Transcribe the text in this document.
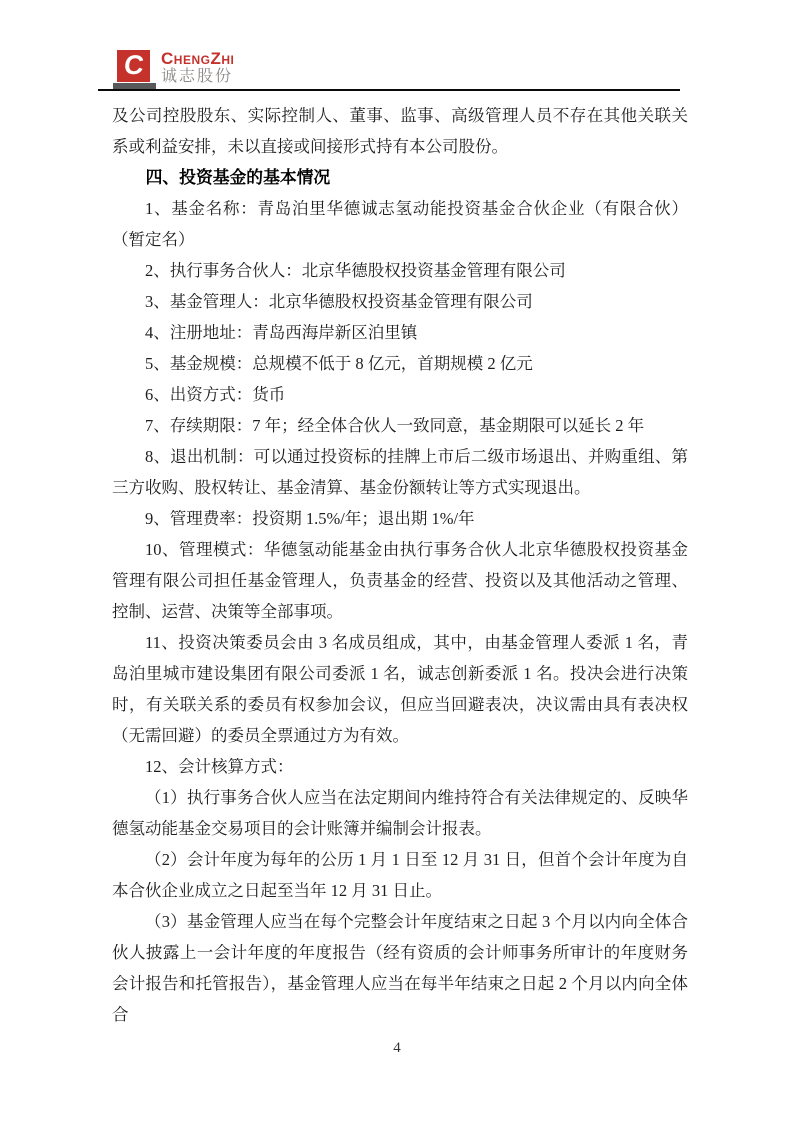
C ChengZhi
诚志股份

及公司控股股东、实际控制人、董事、监事、高级管理人员不存在其他关联关系或利益安排，未以直接或间接形式持有本公司股份。

四、投资基金的基本情况

1、基金名称：青岛泊里华德诚志氢动能投资基金合伙企业（有限合伙）（暂定名）

2、执行事务合伙人：北京华德股权投资基金管理有限公司

3、基金管理人：北京华德股权投资基金管理有限公司

4、注册地址：青岛西海岸新区泊里镇

5、基金规模：总规模不低于 8 亿元，首期规模 2 亿元

6、出资方式：货币

7、存续期限：7 年；经全体合伙人一致同意，基金期限可以延长 2 年

8、退出机制：可以通过投资标的挂牌上市后二级市场退出、并购重组、第三方收购、股权转让、基金清算、基金份额转让等方式实现退出。

9、管理费率：投资期 1.5%/年；退出期 1%/年

10、管理模式：华德氢动能基金由执行事务合伙人北京华德股权投资基金管理有限公司担任基金管理人，负责基金的经营、投资以及其他活动之管理、控制、运营、决策等全部事项。

11、投资决策委员会由 3 名成员组成，其中，由基金管理人委派 1 名，青岛泊里城市建设集团有限公司委派 1 名，诚志创新委派 1 名。投决会进行决策时，有关联关系的委员有权参加会议，但应当回避表决，决议需由具有表决权（无需回避）的委员全票通过方为有效。

12、会计核算方式：

（1）执行事务合伙人应当在法定期间内维持符合有关法律规定的、反映华德氢动能基金交易项目的会计账簿并编制会计报表。

（2）会计年度为每年的公历 1 月 1 日至 12 月 31 日，但首个会计年度为自本合伙企业成立之日起至当年 12 月 31 日止。

（3）基金管理人应当在每个完整会计年度结束之日起 3 个月以内向全体合伙人披露上一会计年度的年度报告（经有资质的会计师事务所审计的年度财务会计报告和托管报告），基金管理人应当在每半年结束之日起 2 个月以内向全体合

4
